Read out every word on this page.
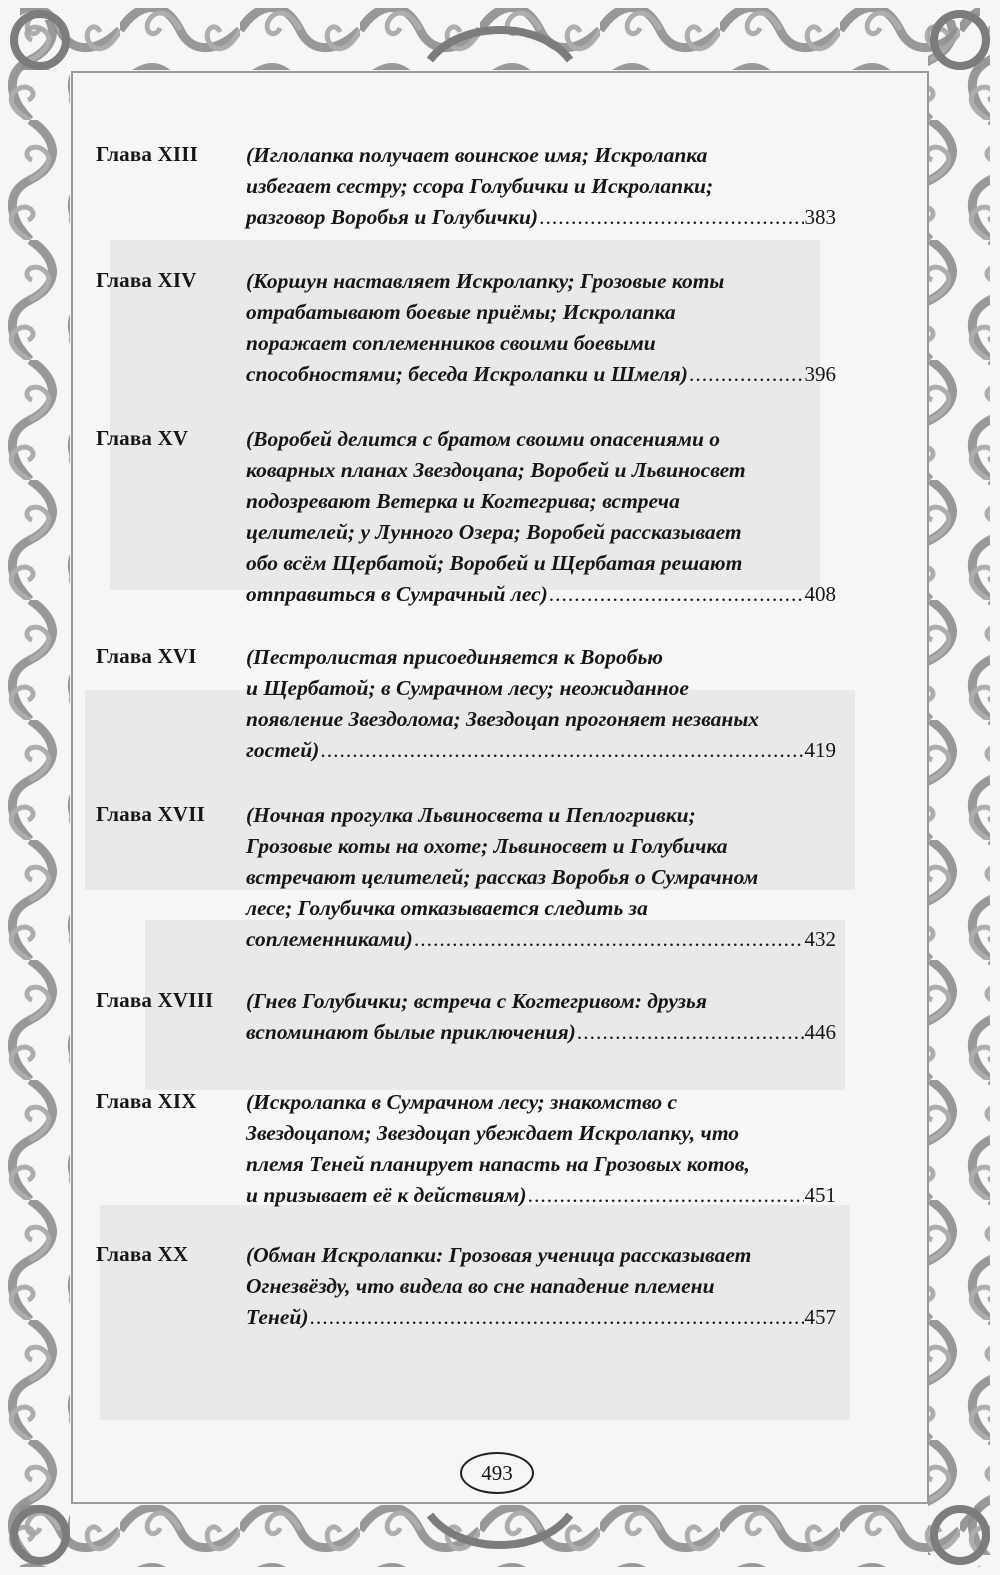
Глава XIII (Иглолапка получает воинское имя; Искролапка
избегает сестру; ссора Голубички и Искролапки;
разговор Воробья и Голубички) .....	383
Глава XIV (Коршун наставляет Искролапку; Грозовые коты
отрабатывают боевые приёмы; Искролапка
поражает соплеменников своими боевыми
способностями; беседа Искролапки и Шмеля) .....	396
Глава XV	(Воробей делится с братом своими опасениями о
коварных планах Звездоцапа; Воробей и Львиносвет
подозревают Ветерка и Когтегрива; встреча
целителей; у Лунного Озера; Воробей рассказывает
обо всём Щербатой; Воробей и Щербатая решают
отправиться в Сумрачный лес) .....	408
Глава XVI (Пестролистая присоединяется к Воробью
и Щербатой; в Сумрачном лесу; неожиданное
появление Звездолома; Звездоцап прогоняет незваных
гостей) .....	419
Глава XVII (Ночная прогулка Львиносвета и Пеплогривки;
Грозовые коты на охоте; Львиносвет и Голубичка
встречают целителей; рассказ Воробья о Сумрачном
лесе; Голубичка отказывается следить за
соплеменниками) .....	432
Глава XVIII (Гнев Голубички; встреча с Когтегривом: друзья
вспоминают былые приключения) .....	446
Глава XIX (Искролапка в Сумрачном лесу; знакомство с
Звездоцапом; Звездоцап убеждает Искролапку, что
племя Теней планирует напасть на Грозовых котов,
и призывает её к действиям) .....	451
Глава XX	(Обман Искролапки: Грозовая ученица рассказывает
Огнезвёзду, что видела во сне нападение племени
Теней) .....	457
493
